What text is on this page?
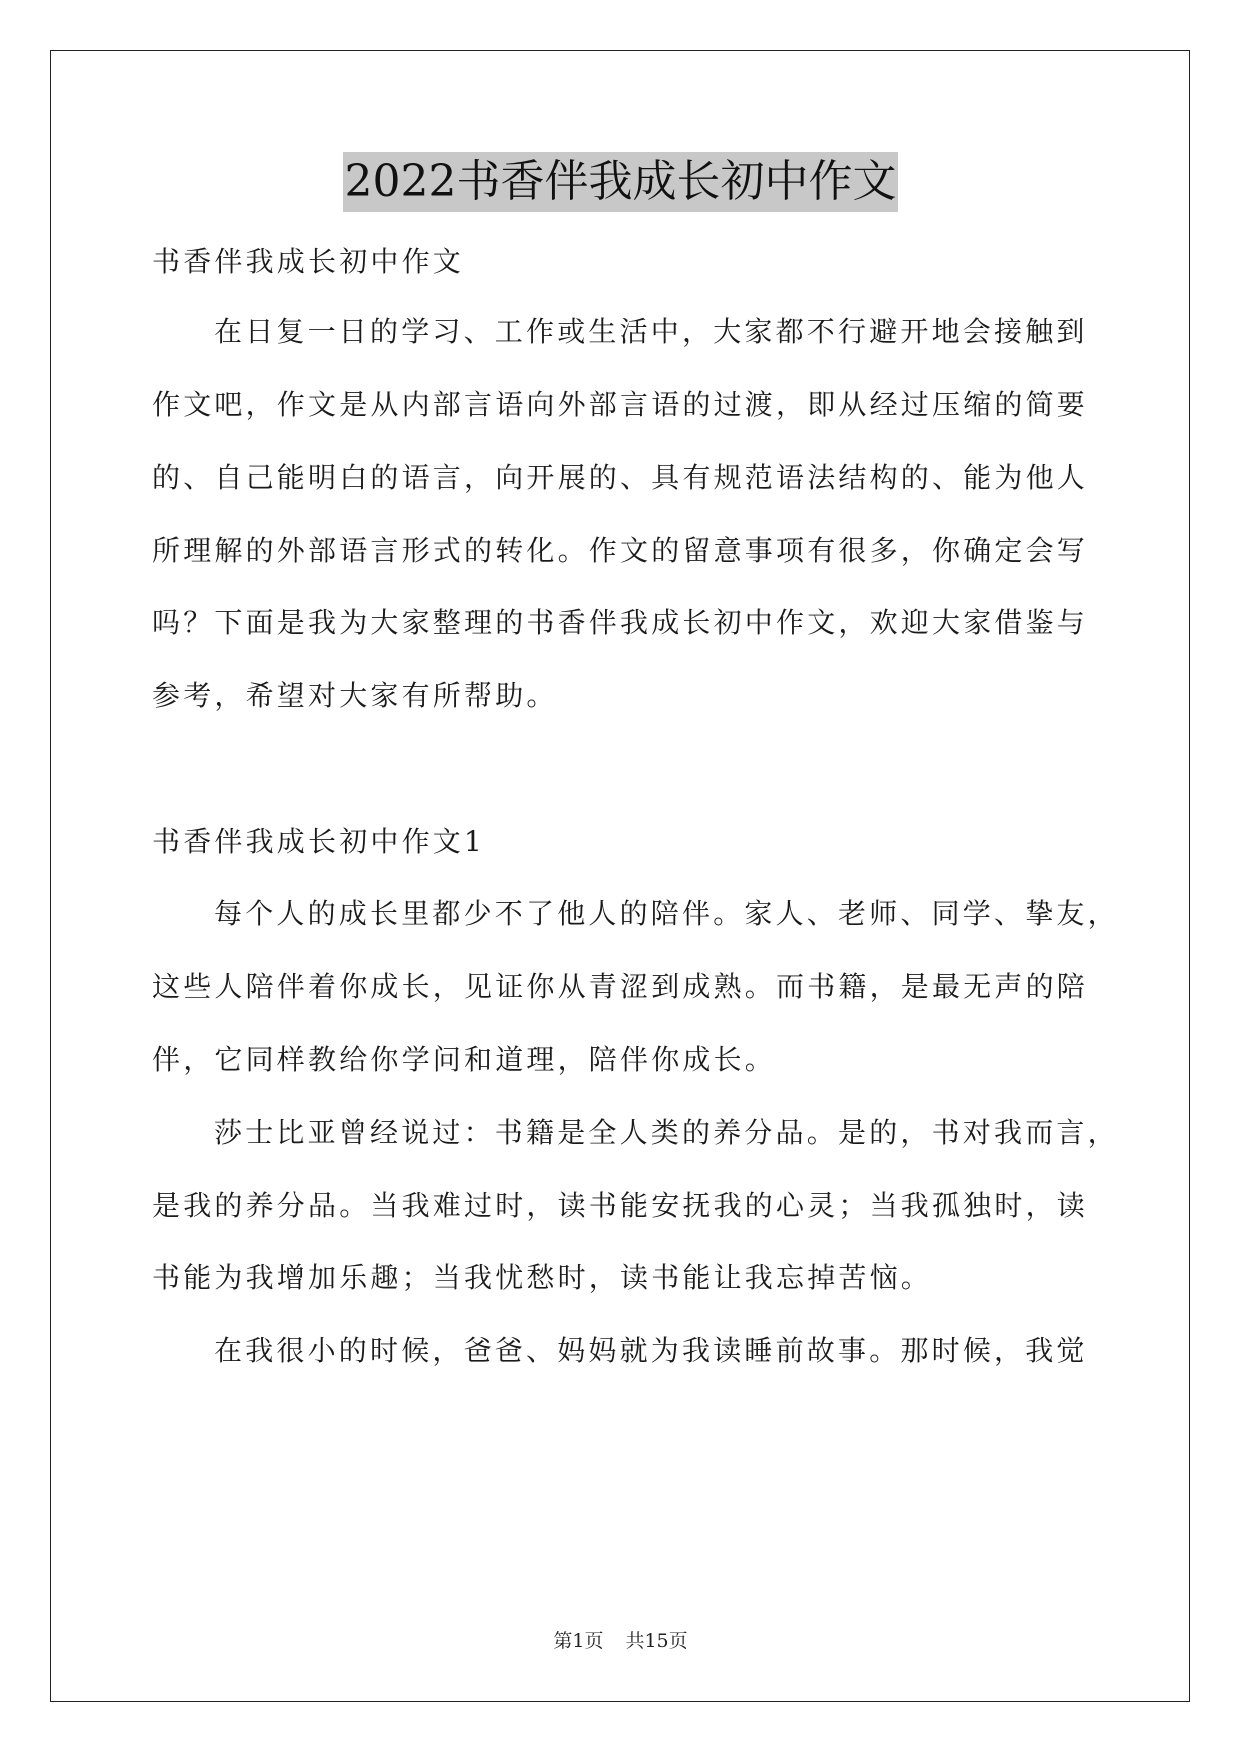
2022书香伴我成长初中作文
书香伴我成长初中作文
在日复一日的学习、工作或生活中，大家都不行避开地会接触到
作文吧，作文是从内部言语向外部言语的过渡，即从经过压缩的简要
的、自己能明白的语言，向开展的、具有规范语法结构的、能为他人
所理解的外部语言形式的转化。作文的留意事项有很多，你确定会写
吗？下面是我为大家整理的书香伴我成长初中作文，欢迎大家借鉴与
参考，希望对大家有所帮助。
书香伴我成长初中作文1
每个人的成长里都少不了他人的陪伴。家人、老师、同学、挚友，
这些人陪伴着你成长，见证你从青涩到成熟。而书籍，是最无声的陪
伴，它同样教给你学问和道理，陪伴你成长。
莎士比亚曾经说过：书籍是全人类的养分品。是的，书对我而言，
是我的养分品。当我难过时，读书能安抚我的心灵；当我孤独时，读
书能为我增加乐趣；当我忧愁时，读书能让我忘掉苦恼。
在我很小的时候，爸爸、妈妈就为我读睡前故事。那时候，我觉
第1页 共15页
